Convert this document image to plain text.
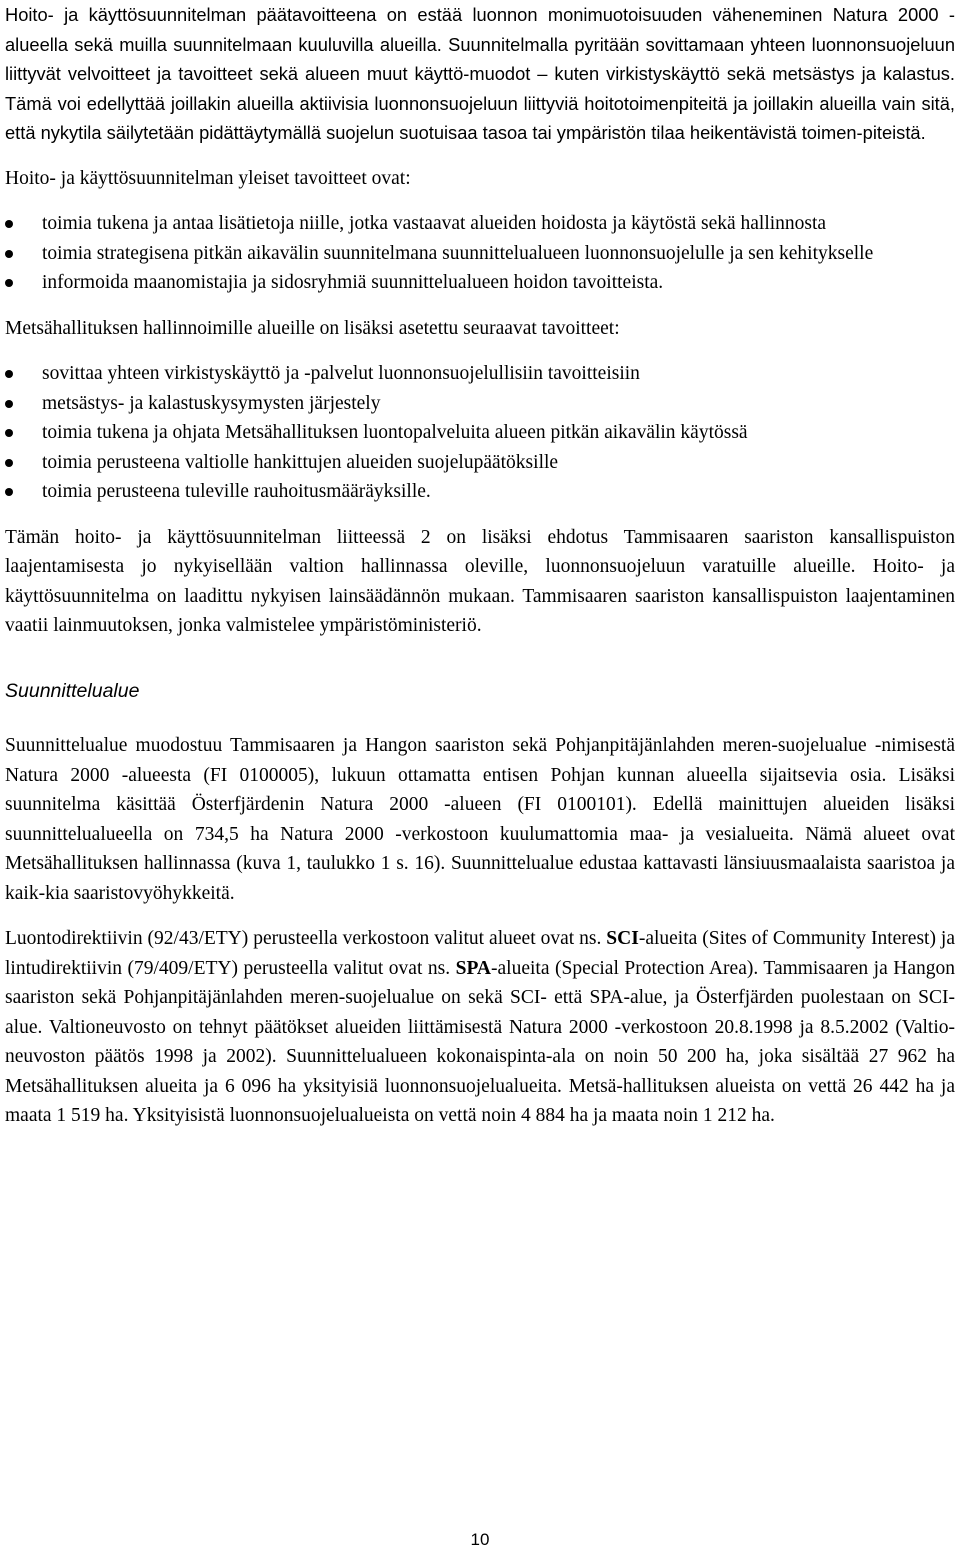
Hoito- ja käyttösuunnitelman päätavoitteena on estää luonnon monimuotoisuuden väheneminen Natura 2000 -alueella sekä muilla suunnitelmaan kuuluvilla alueilla. Suunnitelmalla pyritään sovittamaan yhteen luonnonsuojeluun liittyvät velvoitteet ja tavoitteet sekä alueen muut käyttö-muodot – kuten virkistyskäyttö sekä metsästys ja kalastus. Tämä voi edellyttää joillakin alueilla aktiivisia luonnonsuojeluun liittyviä hoitotoimenpiteitä ja joillakin alueilla vain sitä, että nykytila säilytetään pidättäytymällä suojelun suotuisaa tasoa tai ympäristön tilaa heikentävistä toimen-piteistä.

Hoito- ja käyttösuunnitelman yleiset tavoitteet ovat:

toimia tukena ja antaa lisätietoja niille, jotka vastaavat alueiden hoidosta ja käytöstä sekä hallinnosta
toimia strategisena pitkän aikavälin suunnitelmana suunnittelualueen luonnonsuojelulle ja sen kehitykselle
informoida maanomistajia ja sidosryhmiä suunnittelualueen hoidon tavoitteista.

Metsähallituksen hallinnoimille alueille on lisäksi asetettu seuraavat tavoitteet:

sovittaa yhteen virkistyskäyttö ja -palvelut luonnonsuojelullisiin tavoitteisiin
metsästys- ja kalastuskysymysten järjestely
toimia tukena ja ohjata Metsähallituksen luontopalveluita alueen pitkän aikavälin käytössä
toimia perusteena valtiolle hankittujen alueiden suojelupäätöksille
toimia perusteena tuleville rauhoitusmääräyksille.

Tämän hoito- ja käyttösuunnitelman liitteessä 2 on lisäksi ehdotus Tammisaaren saariston kansallispuiston laajentamisesta jo nykyisellään valtion hallinnassa oleville, luonnonsuojeluun varatuille alueille. Hoito- ja käyttösuunnitelma on laadittu nykyisen lainsäädännön mukaan. Tammisaaren saariston kansallispuiston laajentaminen vaatii lainmuutoksen, jonka valmistelee ympäristöministeriö.

Suunnittelualue

Suunnittelualue muodostuu Tammisaaren ja Hangon saariston sekä Pohjanpitäjänlahden meren-suojelualue -nimisestä Natura 2000 -alueesta (FI 0100005), lukuun ottamatta entisen Pohjan kunnan alueella sijaitsevia osia. Lisäksi suunnitelma käsittää Österfjärdenin Natura 2000 -alueen (FI 0100101). Edellä mainittujen alueiden lisäksi suunnittelualueella on 734,5 ha Natura 2000 -verkostoon kuulumattomia maa- ja vesialueita. Nämä alueet ovat Metsähallituksen hallinnassa (kuva 1, taulukko 1 s. 16). Suunnittelualue edustaa kattavasti länsiuusmaalaista saaristoa ja kaik-kia saaristovyöhykkeitä.

Luontodirektiivin (92/43/ETY) perusteella verkostoon valitut alueet ovat ns. SCI-alueita (Sites of Community Interest) ja lintudirektiivin (79/409/ETY) perusteella valitut ovat ns. SPA-alueita (Special Protection Area). Tammisaaren ja Hangon saariston sekä Pohjanpitäjänlahden meren-suojelualue on sekä SCI- että SPA-alue, ja Österfjärden puolestaan on SCI-alue. Valtioneuvosto on tehnyt päätökset alueiden liittämisestä Natura 2000 -verkostoon 20.8.1998 ja 8.5.2002 (Valtio-neuvoston päätös 1998 ja 2002). Suunnittelualueen kokonaispinta-ala on noin 50 200 ha, joka sisältää 27 962 ha Metsähallituksen alueita ja 6 096 ha yksityisiä luonnonsuojelualueita. Metsä-hallituksen alueista on vettä 26 442 ha ja maata 1 519 ha. Yksityisistä luonnonsuojelualueista on vettä noin 4 884 ha ja maata noin 1 212 ha.

10
